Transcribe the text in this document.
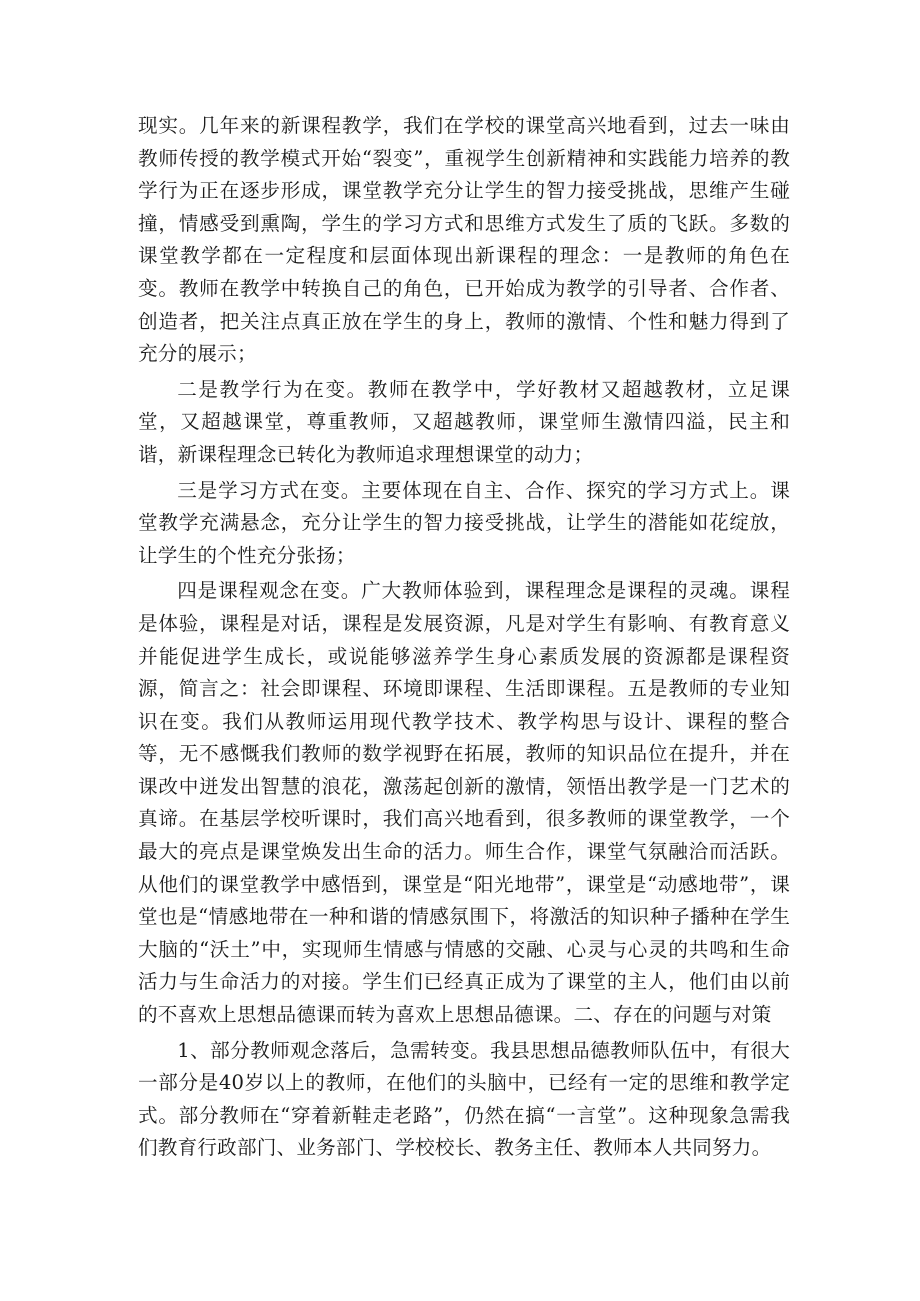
现实。几年来的新课程教学，我们在学校的课堂高兴地看到，过去一味由教师传授的教学模式开始“裂变”，重视学生创新精神和实践能力培养的教学行为正在逐步形成，课堂教学充分让学生的智力接受挑战，思维产生碰撞，情感受到熏陶，学生的学习方式和思维方式发生了质的飞跃。多数的课堂教学都在一定程度和层面体现出新课程的理念：一是教师的角色在变。教师在教学中转换自己的角色，已开始成为教学的引导者、合作者、创造者，把关注点真正放在学生的身上，教师的激情、个性和魅力得到了充分的展示；

二是教学行为在变。教师在教学中，学好教材又超越教材，立足课堂，又超越课堂，尊重教师，又超越教师，课堂师生激情四溢，民主和谐，新课程理念已转化为教师追求理想课堂的动力；

三是学习方式在变。主要体现在自主、合作、探究的学习方式上。课堂教学充满悬念，充分让学生的智力接受挑战，让学生的潜能如花绽放，让学生的个性充分张扬；

四是课程观念在变。广大教师体验到，课程理念是课程的灵魂。课程是体验，课程是对话，课程是发展资源，凡是对学生有影响、有教育意义并能促进学生成长，或说能够滋养学生身心素质发展的资源都是课程资源，简言之：社会即课程、环境即课程、生活即课程。五是教师的专业知识在变。我们从教师运用现代教学技术、教学构思与设计、课程的整合等，无不感慨我们教师的数学视野在拓展，教师的知识品位在提升，并在课改中迸发出智慧的浪花，激荡起创新的激情，领悟出教学是一门艺术的真谛。在基层学校听课时，我们高兴地看到，很多教师的课堂教学，一个最大的亮点是课堂焕发出生命的活力。师生合作，课堂气氛融洽而活跃。从他们的课堂教学中感悟到，课堂是“阳光地带”，课堂是“动感地带”，课堂也是“情感地带在一种和谐的情感氛围下，将激活的知识种子播种在学生大脑的“沃土”中，实现师生情感与情感的交融、心灵与心灵的共鸣和生命活力与生命活力的对接。学生们已经真正成为了课堂的主人，他们由以前的不喜欢上思想品德课而转为喜欢上思想品德课。二、存在的问题与对策

1、部分教师观念落后，急需转变。我县思想品德教师队伍中，有很大一部分是40岁以上的教师，在他们的头脑中，已经有一定的思维和教学定式。部分教师在“穿着新鞋走老路”，仍然在搞“一言堂”。这种现象急需我们教育行政部门、业务部门、学校校长、教务主任、教师本人共同努力。
